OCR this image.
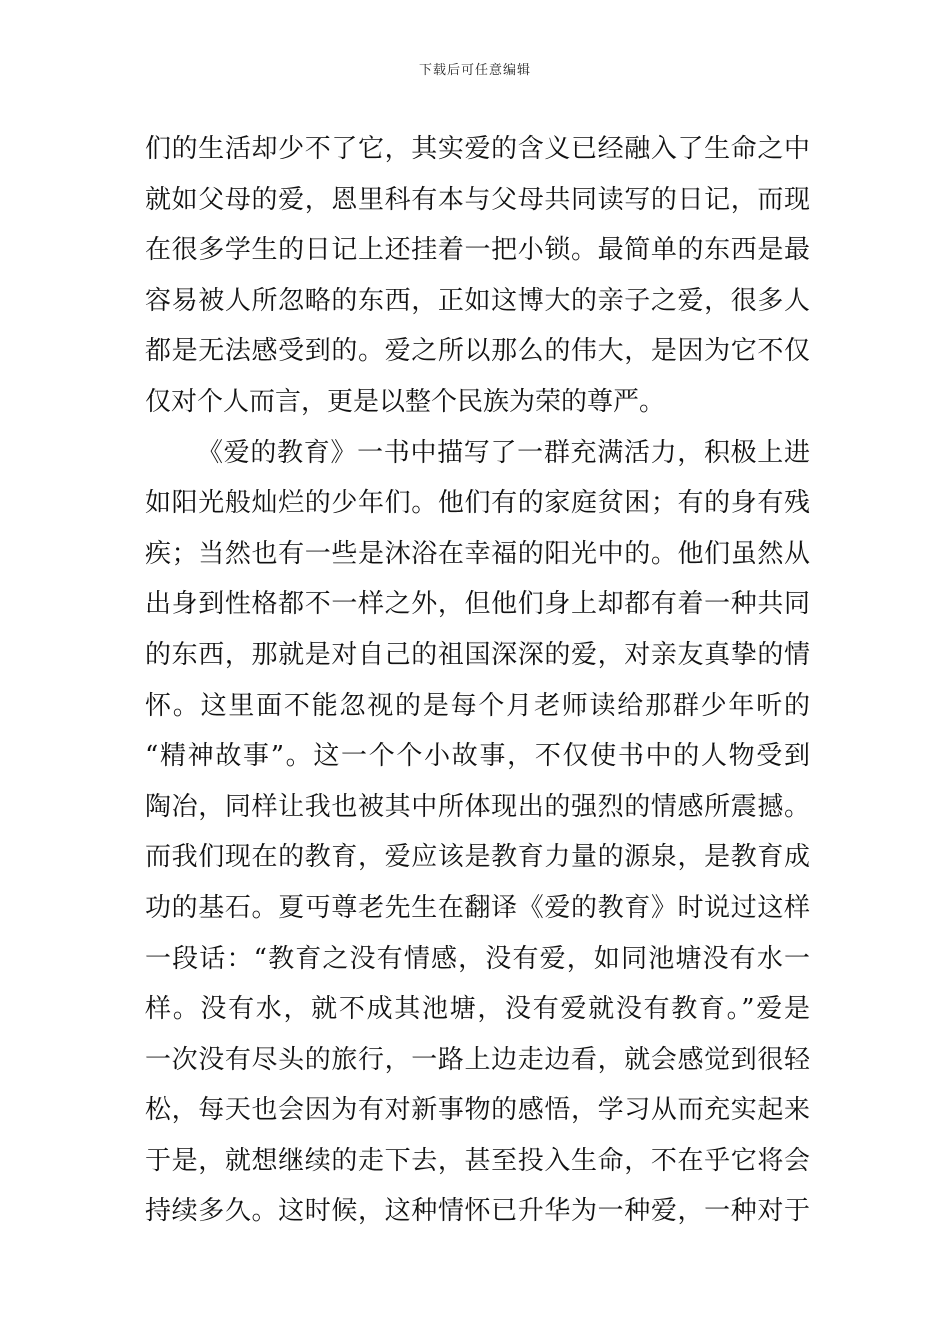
下载后可任意编辑
们的生活却少不了它，其实爱的含义已经融入了生命之中
就如父母的爱，恩里科有本与父母共同读写的日记，而现
在很多学生的日记上还挂着一把小锁。最简单的东西是最
容易被人所忽略的东西，正如这博大的亲子之爱，很多人
都是无法感受到的。爱之所以那么的伟大，是因为它不仅
仅对个人而言，更是以整个民族为荣的尊严。
《爱的教育》一书中描写了一群充满活力，积极上进
如阳光般灿烂的少年们。他们有的家庭贫困；有的身有残
疾；当然也有一些是沐浴在幸福的阳光中的。他们虽然从
出身到性格都不一样之外，但他们身上却都有着一种共同
的东西，那就是对自己的祖国深深的爱，对亲友真挚的情
怀。这里面不能忽视的是每个月老师读给那群少年听的
“精神故事”。这一个个小故事，不仅使书中的人物受到
陶冶，同样让我也被其中所体现出的强烈的情感所震撼。
而我们现在的教育，爱应该是教育力量的源泉，是教育成
功的基石。夏丏尊老先生在翻译《爱的教育》时说过这样
一段话：“教育之没有情感，没有爱，如同池塘没有水一
样。没有水，就不成其池塘，没有爱就没有教育。”爱是
一次没有尽头的旅行，一路上边走边看，就会感觉到很轻
松，每天也会因为有对新事物的感悟，学习从而充实起来
于是，就想继续的走下去，甚至投入生命，不在乎它将会
持续多久。这时候，这种情怀已升华为一种爱，一种对于
